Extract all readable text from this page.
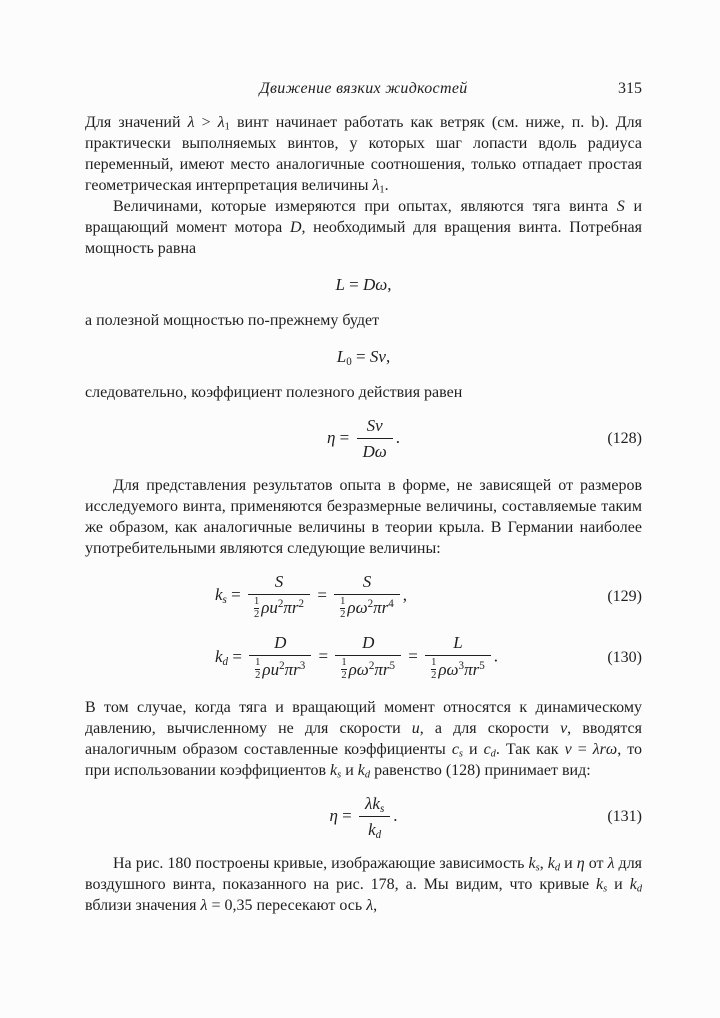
Движение вязких жидкостей	315

Для значений $\lambda > \lambda_1$ винт начинает работать как ветряк (см. ниже, п. b). Для практически выполняемых винтов, у которых шаг лопасти вдоль радиуса переменный, имеют место аналогичные соотношения, только отпадает простая геометрическая интерпретация величины $\lambda_1$.

Величинами, которые измеряются при опытах, являются тяга винта S и вращающий момент мотора D, необходимый для вращения винта. Потребная мощность равна

L = Dω,

а полезной мощностью по-прежнему будет

$L_0 = Sv$,

следовательно, коэффициент полезного действия равен

$\eta = \frac{Sv}{D\omega}$ .	(128)

Для представления результатов опыта в форме, не зависящей от размеров исследуемого винта, применяются безразмерные величины, составляемые таким же образом, как аналогичные величины в теории крыла. В Германии наиболее употребительными являются следующие величины:

$k_s = \frac{S}{\frac{1}{2} \rho u^2\pi r^2} = \frac{S}{\frac{1}{2} \rho\omega^2\pi r^4}$ ,	(129)
$k_d = \frac{D}{\frac{1}{2} \rho u^2\pi r^3} = \frac{D}{\frac{1}{2} \rho\omega^2\pi r^5} = \frac{L}{\frac{1}{2} \rho\omega^3\pi r^5}$ .	(130)

В том случае, когда тяга и вращающий момент относятся к динамическому давлению, вычисленному не для скорости u, а для скорости v, вводятся аналогичным образом составленные коэффициенты $c_s$ и $c_d$. Так как v = λrω, то при использовании коэффициентов $k_s$ и $k_d$ равенство (128) принимает вид:

$\eta = \frac{\lambda k_s}{k_d}$ .	(131)

На рис. 180 построены кривые, изображающие зависимость $k_s$, $k_d$ и η от λ для воздушного винта, показанного на рис. 178, а. Мы видим, что кривые $k_s$ и $k_d$ вблизи значения λ = 0,35 пересекают ось λ,
